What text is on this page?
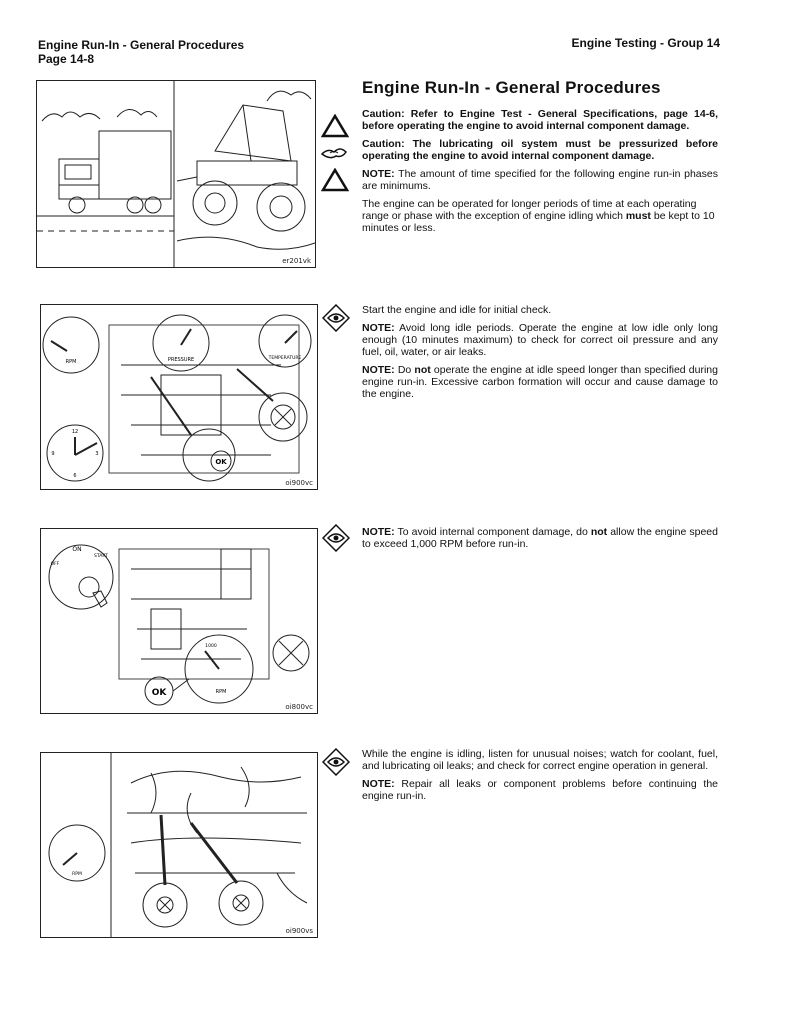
Engine Run-In - General Procedures
Page 14-8
Engine Testing - Group 14
Engine Run-In - General Procedures
er201vk

Caution: Refer to Engine Test - General Specifications, page 14-6, before operating the engine to avoid internal component damage.

Caution: The lubricating oil system must be pressurized before operating the engine to avoid internal component damage.

NOTE: The amount of time specified for the following engine run-in phases are minimums.

The engine can be operated for longer periods of time at each operating range or phase with the exception of engine idling which must be kept to 10 minutes or less.

RPM	PRESSURE	TEMPERATURE
12
9	3
6
OK
oi900vc

Start the engine and idle for initial check.

NOTE: Avoid long idle periods. Operate the engine at low idle only long enough (10 minutes maximum) to check for correct oil pressure and any fuel, oil, water, or air leaks.

NOTE: Do not operate the engine at idle speed longer than specified during engine run-in. Excessive carbon formation will occur and cause damage to the engine.

ON
START
OFF
1000
RPM
OK
oi800vc

NOTE: To avoid internal component damage, do not allow the engine speed to exceed 1,000 RPM before run-in.

RPM
oi900vs

While the engine is idling, listen for unusual noises; watch for coolant, fuel, and lubricating oil leaks; and check for correct engine operation in general.

NOTE: Repair all leaks or component problems before continuing the engine run-in.
